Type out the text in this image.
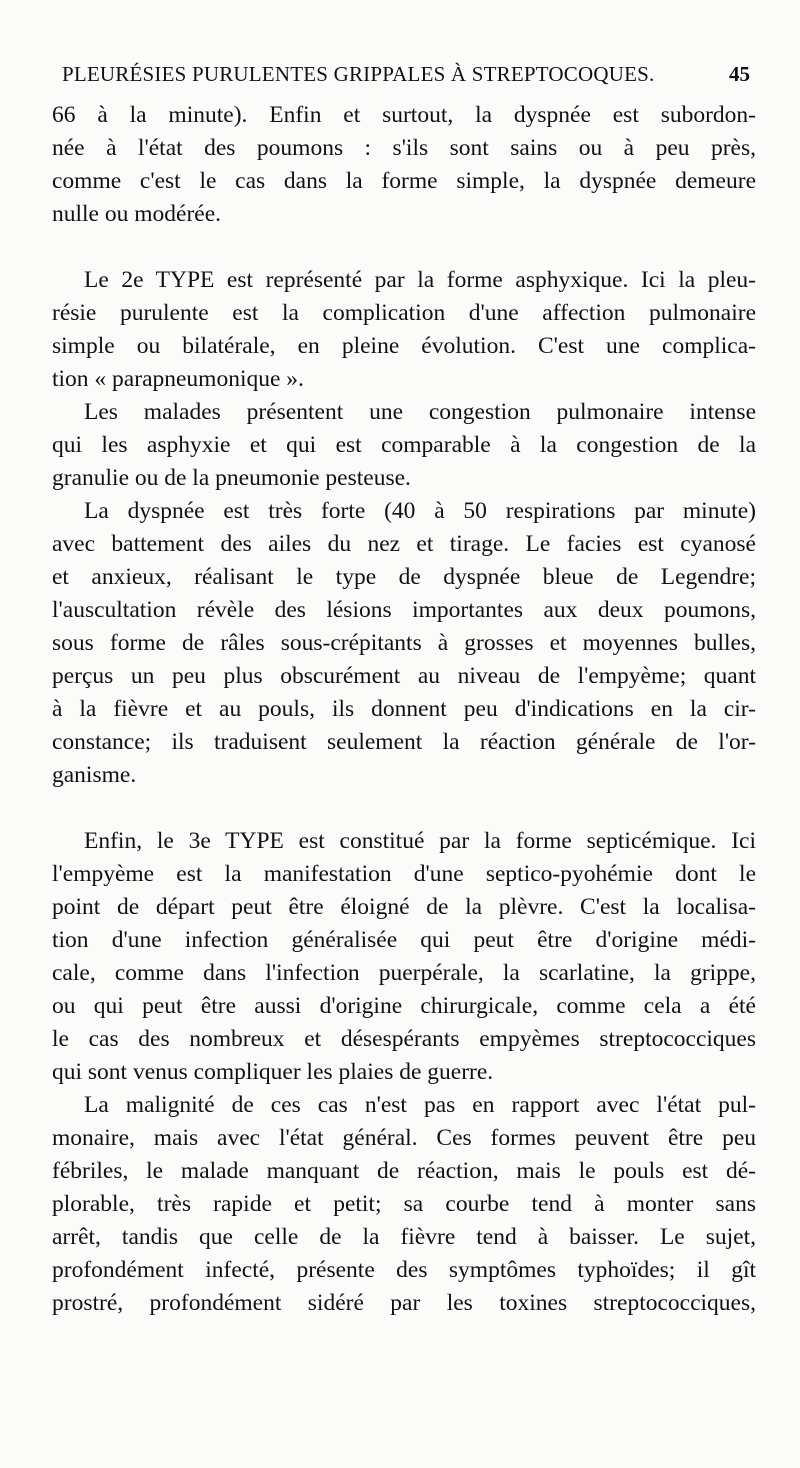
PLEURÉSIES PURULENTES GRIPPALES À STREPTOCOQUES.	45
66 à la minute). Enfin et surtout, la dyspnée est subordon-
née à l'état des poumons : s'ils sont sains ou à peu près,
comme c'est le cas dans la forme simple, la dyspnée demeure
nulle ou modérée.
Le 2e TYPE est représenté par la forme asphyxique. Ici la pleu-
résie purulente est la complication d'une affection pulmonaire
simple ou bilatérale, en pleine évolution. C'est une complica-
tion « parapneumonique ».
Les malades présentent une congestion pulmonaire intense
qui les asphyxie et qui est comparable à la congestion de la
granulie ou de la pneumonie pesteuse.
La dyspnée est très forte (40 à 50 respirations par minute)
avec battement des ailes du nez et tirage. Le facies est cyanosé
et anxieux, réalisant le type de dyspnée bleue de Legendre;
l'auscultation révèle des lésions importantes aux deux poumons,
sous forme de râles sous-crépitants à grosses et moyennes bulles,
perçus un peu plus obscurément au niveau de l'empyème; quant
à la fièvre et au pouls, ils donnent peu d'indications en la cir-
constance; ils traduisent seulement la réaction générale de l'or-
ganisme.
Enfin, le 3e TYPE est constitué par la forme septicémique. Ici
l'empyème est la manifestation d'une septico-pyohémie dont le
point de départ peut être éloigné de la plèvre. C'est la localisa-
tion d'une infection généralisée qui peut être d'origine médi-
cale, comme dans l'infection puerpérale, la scarlatine, la grippe,
ou qui peut être aussi d'origine chirurgicale, comme cela a été
le cas des nombreux et désespérants empyèmes streptococciques
qui sont venus compliquer les plaies de guerre.
La malignité de ces cas n'est pas en rapport avec l'état pul-
monaire, mais avec l'état général. Ces formes peuvent être peu
fébriles, le malade manquant de réaction, mais le pouls est dé-
plorable, très rapide et petit; sa courbe tend à monter sans
arrêt, tandis que celle de la fièvre tend à baisser. Le sujet,
profondément infecté, présente des symptômes typhoïdes; il gît
prostré, profondément sidéré par les toxines streptococciques,
